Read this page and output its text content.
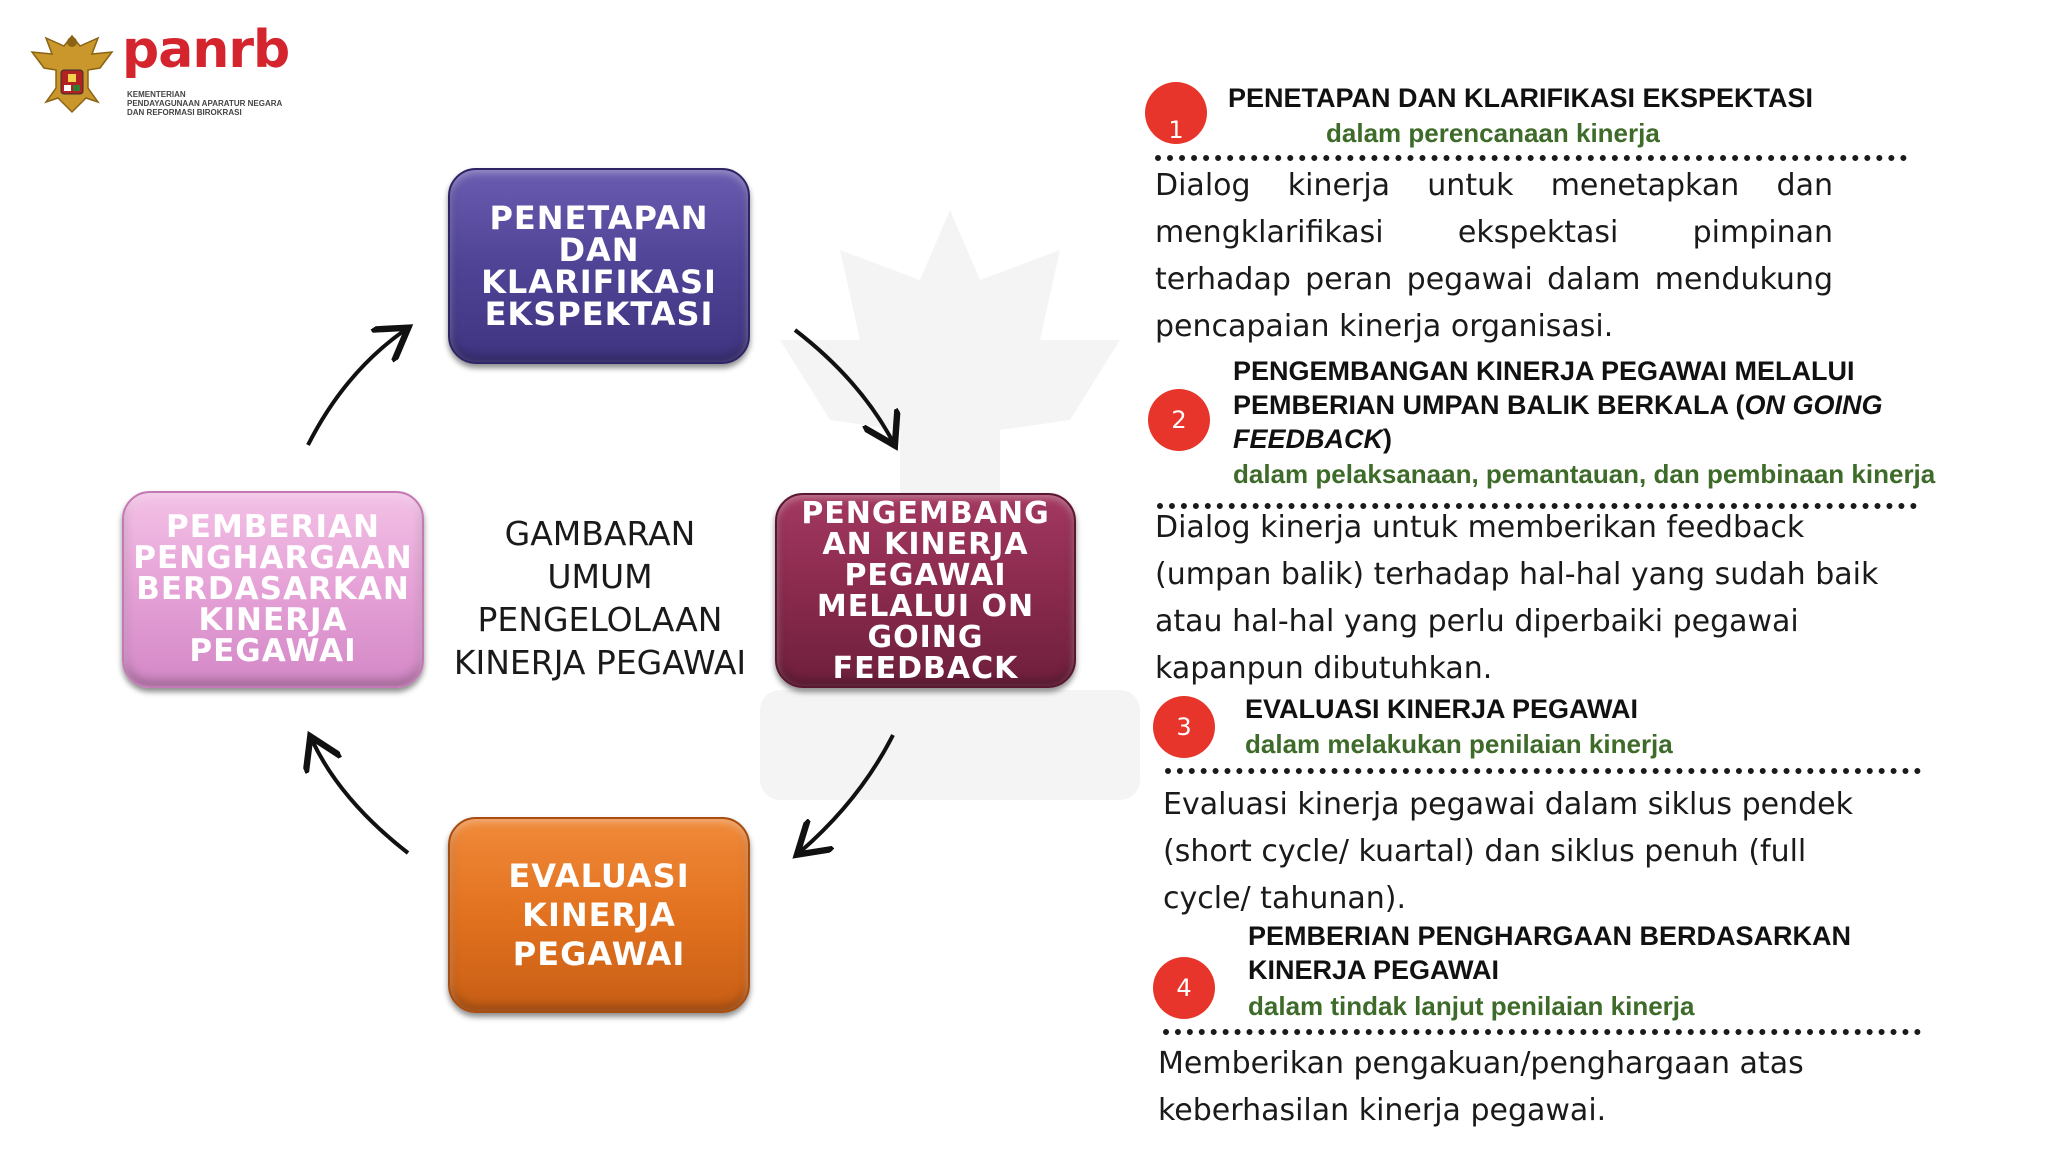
panrb
KEMENTERIAN
PENDAYAGUNAAN APARATUR NEGARA
DAN REFORMASI BIROKRASI
PENETAPAN
DAN
KLARIFIKASI
EKSPEKTASI
PENGEMBANG
AN KINERJA
PEGAWAI
MELALUI ON
GOING
FEEDBACK
EVALUASI
KINERJA
PEGAWAI
PEMBERIAN
PENGHARGAAN
BERDASARKAN
KINERJA
PEGAWAI
GAMBARAN
UMUM
PENGELOLAAN
KINERJA PEGAWAI
1
PENETAPAN DAN KLARIFIKASI EKSPEKTASI
dalam perencanaan kinerja
Dialog kinerja untuk menetapkan dan mengklarifikasi ekspektasi pimpinan terhadap peran pegawai dalam mendukung pencapaian kinerja organisasi.
2
PENGEMBANGAN KINERJA PEGAWAI MELALUI PEMBERIAN UMPAN BALIK BERKALA (ON GOING FEEDBACK)
dalam pelaksanaan, pemantauan, dan pembinaan kinerja
Dialog kinerja untuk memberikan feedback (umpan balik) terhadap hal-hal yang sudah baik atau hal-hal yang perlu diperbaiki pegawai kapanpun dibutuhkan.
3
EVALUASI KINERJA PEGAWAI
dalam melakukan penilaian kinerja
Evaluasi kinerja pegawai dalam siklus pendek (short cycle/ kuartal) dan siklus penuh (full cycle/ tahunan).
4
PEMBERIAN PENGHARGAAN BERDASARKAN KINERJA PEGAWAI
dalam tindak lanjut penilaian kinerja
Memberikan pengakuan/penghargaan atas keberhasilan kinerja pegawai.
